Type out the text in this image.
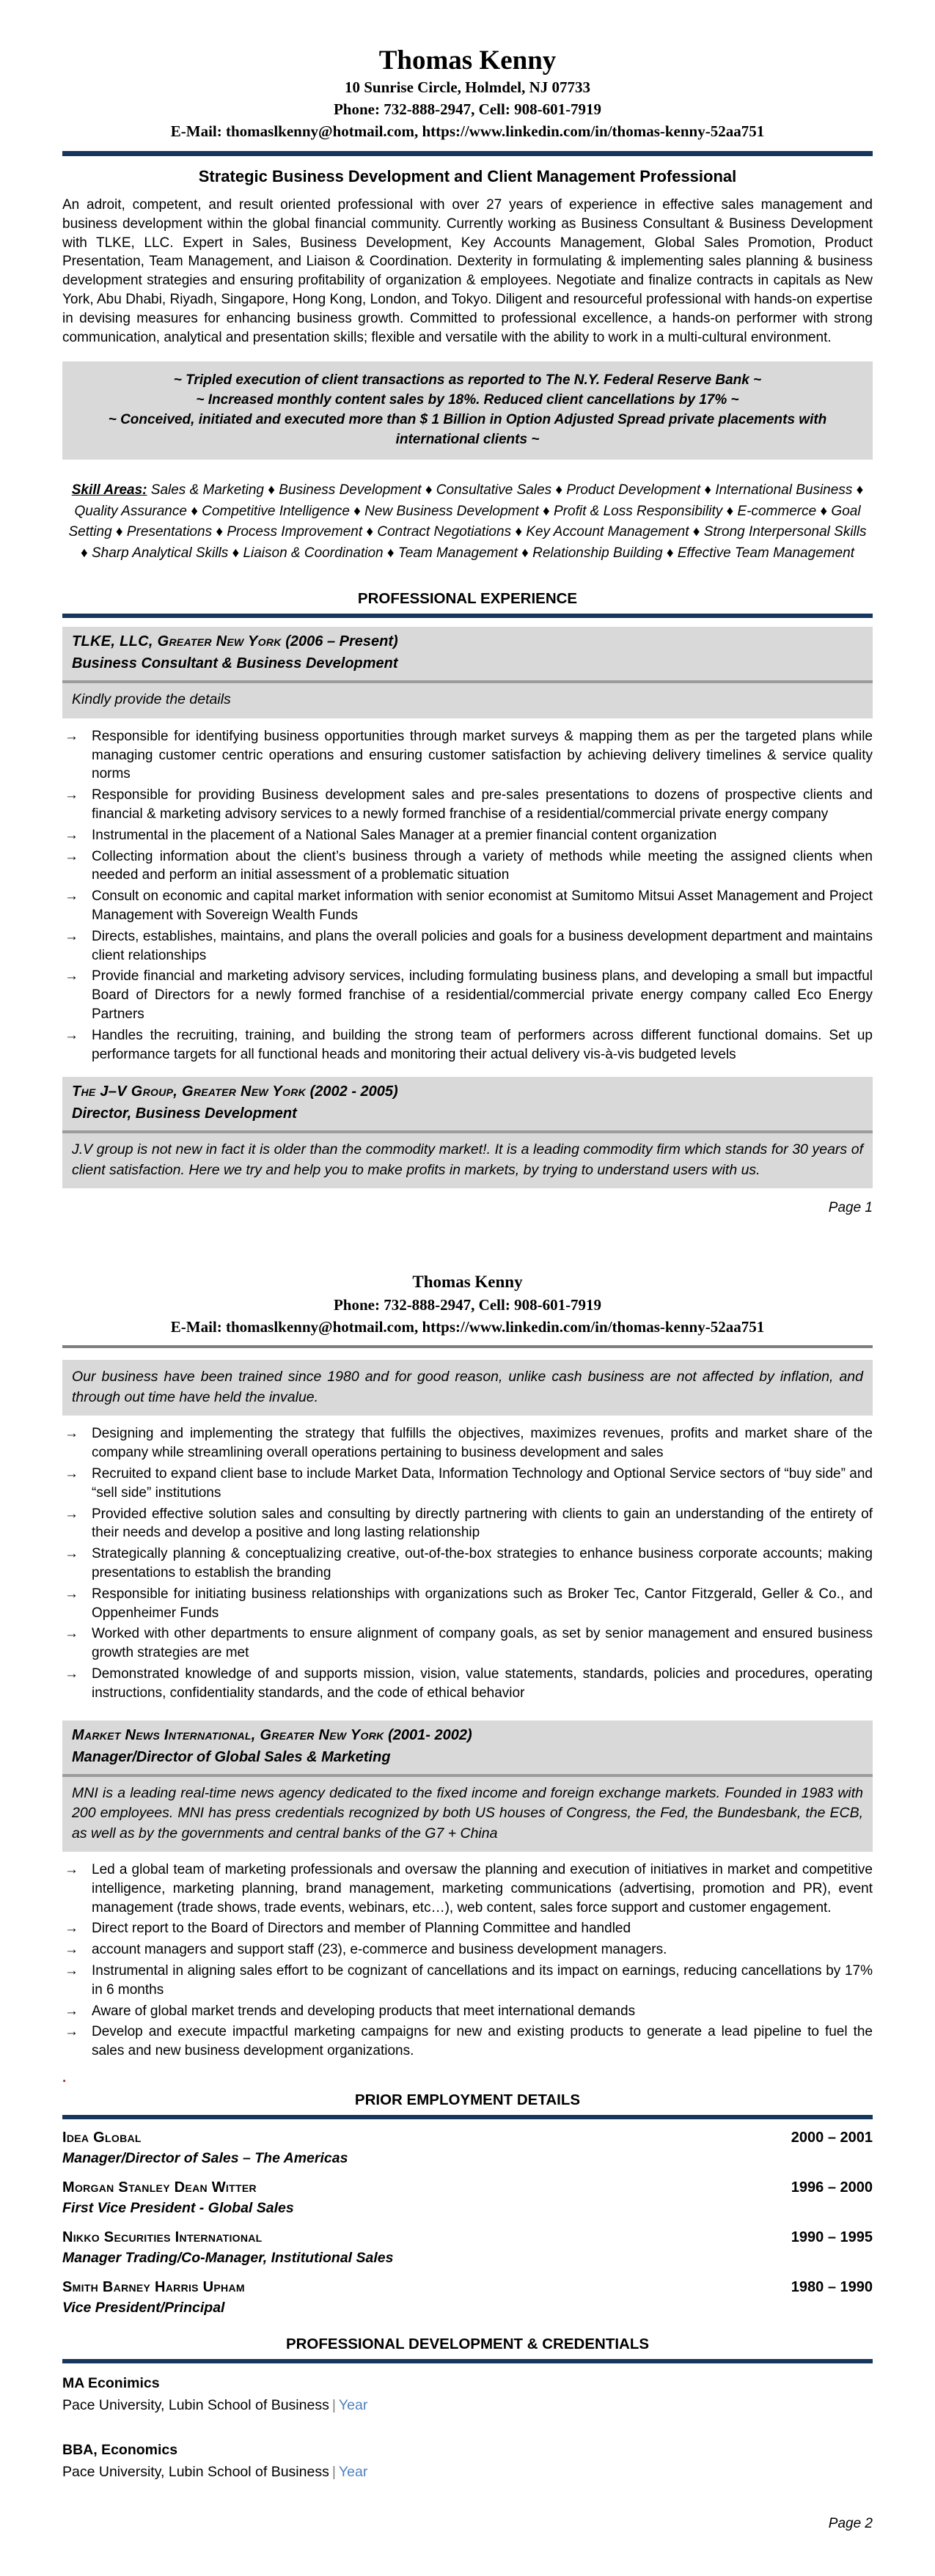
Thomas Kenny
10 Sunrise Circle, Holmdel, NJ 07733
Phone: 732-888-2947, Cell: 908-601-7919
E-Mail: thomaslkenny@hotmail.com, https://www.linkedin.com/in/thomas-kenny-52aa751
Strategic Business Development and Client Management Professional
An adroit, competent, and result oriented professional with over 27 years of experience in effective sales management and business development within the global financial community. Currently working as Business Consultant & Business Development with TLKE, LLC. Expert in Sales, Business Development, Key Accounts Management, Global Sales Promotion, Product Presentation, Team Management, and Liaison & Coordination. Dexterity in formulating & implementing sales planning & business development strategies and ensuring profitability of organization & employees. Negotiate and finalize contracts in capitals as New York, Abu Dhabi, Riyadh, Singapore, Hong Kong, London, and Tokyo. Diligent and resourceful professional with hands-on expertise in devising measures for enhancing business growth. Committed to professional excellence, a hands-on performer with strong communication, analytical and presentation skills; flexible and versatile with the ability to work in a multi-cultural environment.
~ Tripled execution of client transactions as reported to The N.Y. Federal Reserve Bank ~
~ Increased monthly content sales by 18%. Reduced client cancellations by 17% ~
~ Conceived, initiated and executed more than $ 1 Billion in Option Adjusted Spread private placements with international clients ~
Skill Areas: Sales & Marketing ♦ Business Development ♦ Consultative Sales ♦ Product Development ♦ International Business ♦ Quality Assurance ♦ Competitive Intelligence ♦ New Business Development ♦ Profit & Loss Responsibility ♦ E-commerce ♦ Goal Setting ♦ Presentations ♦ Process Improvement ♦ Contract Negotiations ♦ Key Account Management ♦ Strong Interpersonal Skills ♦ Sharp Analytical Skills ♦ Liaison & Coordination ♦ Team Management ♦ Relationship Building ♦ Effective Team Management
PROFESSIONAL EXPERIENCE
TLKE, LLC, Greater New York (2006 – Present)
Business Consultant & Business Development
Kindly provide the details
→ Responsible for identifying business opportunities through market surveys & mapping them as per the targeted plans while managing customer centric operations and ensuring customer satisfaction by achieving delivery timelines & service quality norms
→ Responsible for providing Business development sales and pre-sales presentations to dozens of prospective clients and financial & marketing advisory services to a newly formed franchise of a residential/commercial private energy company
→ Instrumental in the placement of a National Sales Manager at a premier financial content organization
→ Collecting information about the client’s business through a variety of methods while meeting the assigned clients when needed and perform an initial assessment of a problematic situation
→ Consult on economic and capital market information with senior economist at Sumitomo Mitsui Asset Management and Project Management with Sovereign Wealth Funds
→ Directs, establishes, maintains, and plans the overall policies and goals for a business development department and maintains client relationships
→ Provide financial and marketing advisory services, including formulating business plans, and developing a small but impactful Board of Directors for a newly formed franchise of a residential/commercial private energy company called Eco Energy Partners
→ Handles the recruiting, training, and building the strong team of performers across different functional domains. Set up performance targets for all functional heads and monitoring their actual delivery vis-à-vis budgeted levels
The J–V Group, Greater New York (2002 - 2005)
Director, Business Development
J.V group is not new in fact it is older than the commodity market!. It is a leading commodity firm which stands for 30 years of client satisfaction. Here we try and help you to make profits in markets, by trying to understand users with us.
Page 1
Thomas Kenny
Phone: 732-888-2947, Cell: 908-601-7919
E-Mail: thomaslkenny@hotmail.com, https://www.linkedin.com/in/thomas-kenny-52aa751
Our business have been trained since 1980 and for good reason, unlike cash business are not affected by inflation, and through out time have held the invalue.
→ Designing and implementing the strategy that fulfills the objectives, maximizes revenues, profits and market share of the company while streamlining overall operations pertaining to business development and sales
→ Recruited to expand client base to include Market Data, Information Technology and Optional Service sectors of “buy side” and “sell side” institutions
→ Provided effective solution sales and consulting by directly partnering with clients to gain an understanding of the entirety of their needs and develop a positive and long lasting relationship
→ Strategically planning & conceptualizing creative, out-of-the-box strategies to enhance business corporate accounts; making presentations to establish the branding
→ Responsible for initiating business relationships with organizations such as Broker Tec, Cantor Fitzgerald, Geller & Co., and Oppenheimer Funds
→ Worked with other departments to ensure alignment of company goals, as set by senior management and ensured business growth strategies are met
→ Demonstrated knowledge of and supports mission, vision, value statements, standards, policies and procedures, operating instructions, confidentiality standards, and the code of ethical behavior
Market News International, Greater New York (2001- 2002)
Manager/Director of Global Sales & Marketing
MNI is a leading real-time news agency dedicated to the fixed income and foreign exchange markets. Founded in 1983 with 200 employees. MNI has press credentials recognized by both US houses of Congress, the Fed, the Bundesbank, the ECB, as well as by the governments and central banks of the G7 + China
→ Led a global team of marketing professionals and oversaw the planning and execution of initiatives in market and competitive intelligence, marketing planning, brand management, marketing communications (advertising, promotion and PR), event management (trade shows, trade events, webinars, etc…), web content, sales force support and customer engagement.
→ Direct report to the Board of Directors and member of Planning Committee and handled
→ account managers and support staff (23), e-commerce and business development managers.
→ Instrumental in aligning sales effort to be cognizant of cancellations and its impact on earnings, reducing cancellations by 17% in 6 months
→ Aware of global market trends and developing products that meet international demands
→ Develop and execute impactful marketing campaigns for new and existing products to generate a lead pipeline to fuel the sales and new business development organizations.
.
PRIOR EMPLOYMENT DETAILS
Idea Global	2000 – 2001
Manager/Director of Sales – The Americas
Morgan Stanley Dean Witter	1996 – 2000
First Vice President - Global Sales
Nikko Securities International	1990 – 1995
Manager Trading/Co-Manager, Institutional Sales
Smith Barney Harris Upham	1980 – 1990
Vice President/Principal
PROFESSIONAL DEVELOPMENT & CREDENTIALS
MA Econimics
Pace University, Lubin School of Business | Year
BBA, Economics
Pace University, Lubin School of Business | Year
Page 2
